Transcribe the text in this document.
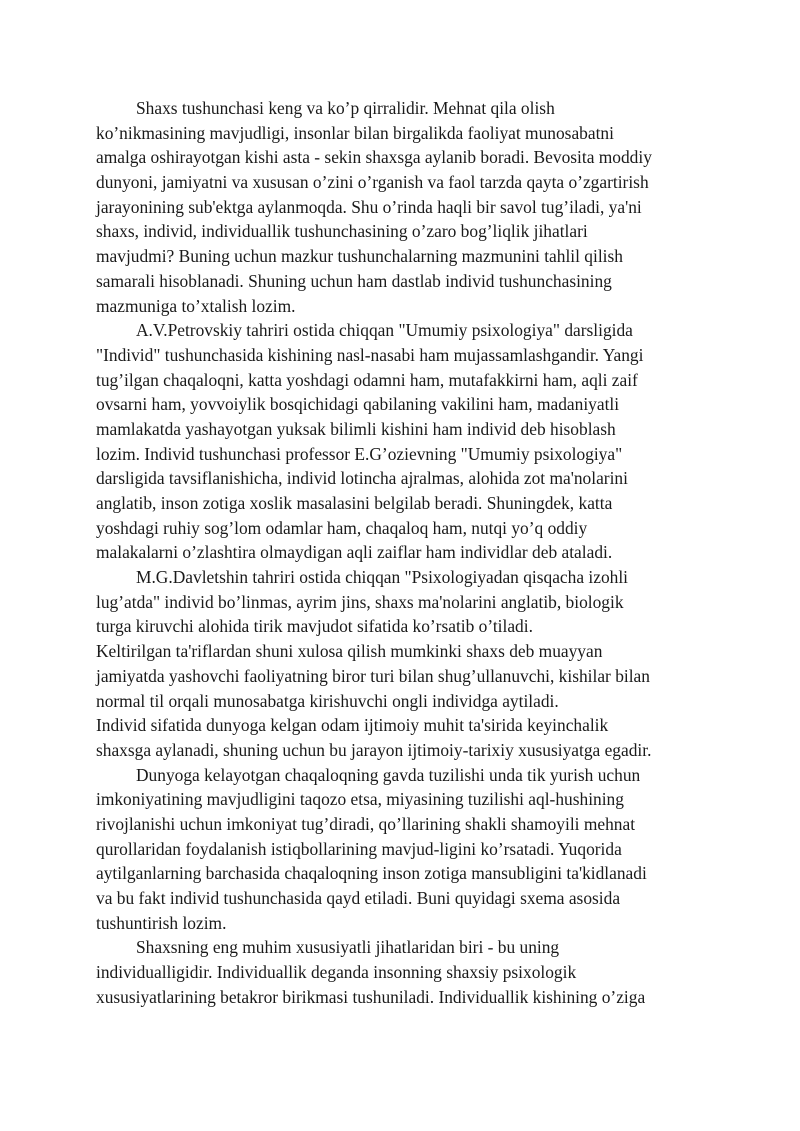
Shaxs tushunchasi keng va ko’p qirralidir. Mehnat qila olish
ko’nikmasining mavjudligi, insonlar bilan birgalikda faoliyat munosabatni
amalga oshirayotgan kishi asta - sekin shaxsga aylanib boradi. Bevosita moddiy
dunyoni, jamiyatni va xususan o’zini o’rganish va faol tarzda qayta o’zgartirish
jarayonining sub'ektga aylanmoqda. Shu o’rinda haqli bir savol tug’iladi, ya'ni
shaxs, individ, individuallik tushunchasining o’zaro bog’liqlik jihatlari
mavjudmi? Buning uchun mazkur tushunchalarning mazmunini tahlil qilish
samarali hisoblanadi. Shuning uchun ham dastlab individ tushunchasining
mazmuniga to’xtalish lozim.
A.V.Petrovskiy tahriri ostida chiqqan "Umumiy psixologiya" darsligida
"Individ" tushunchasida kishining nasl-nasabi ham mujassamlashgandir. Yangi
tug’ilgan chaqaloqni, katta yoshdagi odamni ham, mutafakkirni ham, aqli zaif
ovsarni ham, yovvoiylik bosqichidagi qabilaning vakilini ham, madaniyatli
mamlakatda yashayotgan yuksak bilimli kishini ham individ deb hisoblash
lozim. Individ tushunchasi professor E.G’ozievning "Umumiy psixologiya"
darsligida tavsiflanishicha, individ lotincha ajralmas, alohida zot ma'nolarini
anglatib, inson zotiga xoslik masalasini belgilab beradi. Shuningdek, katta
yoshdagi ruhiy sog’lom odamlar ham, chaqaloq ham, nutqi yo’q oddiy
malakalarni o’zlashtira olmaydigan aqli zaiflar ham individlar deb ataladi.
M.G.Davletshin tahriri ostida chiqqan "Psixologiyadan qisqacha izohli
lug’atda" individ bo’linmas, ayrim jins, shaxs ma'nolarini anglatib, biologik
turga kiruvchi alohida tirik mavjudot sifatida ko’rsatib o’tiladi.
Keltirilgan ta'riflardan shuni xulosa qilish mumkinki shaxs deb muayyan
jamiyatda yashovchi faoliyatning biror turi bilan shug’ullanuvchi, kishilar bilan
normal til orqali munosabatga kirishuvchi ongli individga aytiladi.
Individ sifatida dunyoga kelgan odam ijtimoiy muhit ta'sirida keyinchalik
shaxsga aylanadi, shuning uchun bu jarayon ijtimoiy-tarixiy xususiyatga egadir.
Dunyoga kelayotgan chaqaloqning gavda tuzilishi unda tik yurish uchun
imkoniyatining mavjudligini taqozo etsa, miyasining tuzilishi aql-hushining
rivojlanishi uchun imkoniyat tug’diradi, qo’llarining shakli shamoyili mehnat
qurollaridan foydalanish istiqbollarining mavjud-ligini ko’rsatadi. Yuqorida
aytilganlarning barchasida chaqaloqning inson zotiga mansubligini ta'kidlanadi
va bu fakt individ tushunchasida qayd etiladi. Buni quyidagi sxema asosida
tushuntirish lozim.
Shaxsning eng muhim xususiyatli jihatlaridan biri - bu uning
individualligidir. Individuallik deganda insonning shaxsiy psixologik
xususiyatlarining betakror birikmasi tushuniladi. Individuallik kishining o’ziga
